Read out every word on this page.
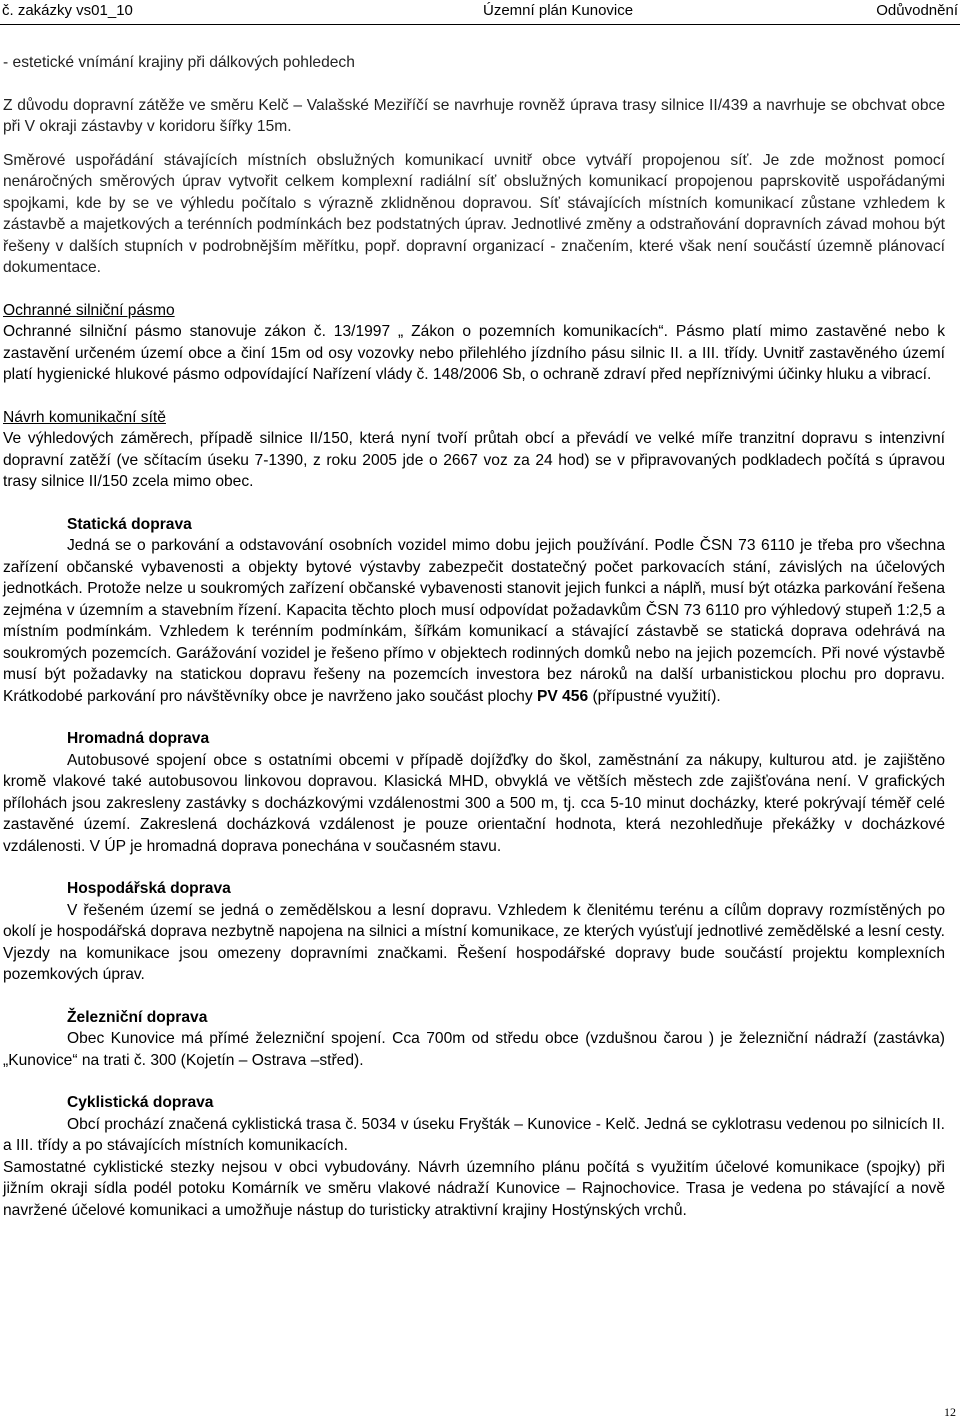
č. zakázky vs01_10	Územní plán Kunovice	Odůvodnění

- estetické vnímání krajiny při dálkových pohledech

Z důvodu dopravní zátěže ve směru Kelč – Valašské Meziříčí se navrhuje rovněž úprava trasy silnice II/439 a navrhuje se obchvat obce při V okraji zástavby v koridoru šířky 15m.

Směrové uspořádání stávajících místních obslužných komunikací uvnitř obce vytváří propojenou síť. Je zde možnost pomocí nenáročných směrových úprav vytvořit celkem komplexní radiální síť obslužných komunikací propojenou paprskovitě uspořádanými spojkami, kde by se ve výhledu počítalo s výrazně zklidněnou dopravou. Síť stávajících místních komunikací zůstane vzhledem k zástavbě a majetkových a terénních podmínkách bez podstatných úprav. Jednotlivé změny a odstraňování dopravních závad mohou být řešeny v dalších stupních v podrobnějším měřítku, popř. dopravní organizací - značením, které však není součástí územně plánovací dokumentace.

Ochranné silniční pásmo

Ochranné silniční pásmo stanovuje zákon č. 13/1997 „ Zákon o pozemních komunikacích“. Pásmo platí mimo zastavěné nebo k zastavění určeném území obce a činí 15m od osy vozovky nebo přilehlého jízdního pásu silnic II. a III. třídy. Uvnitř zastavěného území platí hygienické hlukové pásmo odpovídající Nařízení vlády č. 148/2006 Sb, o ochraně zdraví před nepříznivými účinky hluku a vibrací.

Návrh komunikační sítě

Ve výhledových záměrech, případě silnice II/150, která nyní tvoří průtah obcí a převádí ve velké míře tranzitní dopravu s intenzivní dopravní zatěží (ve sčítacím úseku 7-1390, z roku 2005 jde o 2667 voz za 24 hod) se v připravovaných podkladech počítá s úpravou trasy silnice II/150 zcela mimo obec.

Statická doprava

Jedná se o parkování a odstavování osobních vozidel mimo dobu jejich používání. Podle ČSN 73 6110 je třeba pro všechna zařízení občanské vybavenosti a objekty bytové výstavby zabezpečit dostatečný počet parkovacích stání, závislých na účelových jednotkách. Protože nelze u soukromých zařízení občanské vybavenosti stanovit jejich funkci a náplň, musí být otázka parkování řešena zejména v územním a stavebním řízení. Kapacita těchto ploch musí odpovídat požadavkům ČSN 73 6110 pro výhledový stupeň 1:2,5 a místním podmínkám. Vzhledem k terénním podmínkám, šířkám komunikací a stávající zástavbě se statická doprava odehrává na soukromých pozemcích. Garážování vozidel je řešeno přímo v objektech rodinných domků nebo na jejich pozemcích. Při nové výstavbě musí být požadavky na statickou dopravu řešeny na pozemcích investora bez nároků na další urbanistickou plochu pro dopravu. Krátkodobé parkování pro návštěvníky obce je navrženo jako součást plochy PV 456 (přípustné využití).

Hromadná doprava

Autobusové spojení obce s ostatními obcemi v případě dojížďky do škol, zaměstnání za nákupy, kulturou atd. je zajištěno kromě vlakové také autobusovou linkovou dopravou. Klasická MHD, obvyklá ve větších městech zde zajišťována není. V grafických přílohách jsou zakresleny zastávky s docházkovými vzdálenostmi 300 a 500 m, tj. cca 5-10 minut docházky, které pokrývají téměř celé zastavěné území. Zakreslená docházková vzdálenost je pouze orientační hodnota, která nezohledňuje překážky v docházkové vzdálenosti. V ÚP je hromadná doprava ponechána v současném stavu.

Hospodářská doprava

V řešeném území se jedná o zemědělskou a lesní dopravu. Vzhledem k členitému terénu a cílům dopravy rozmístěných po okolí je hospodářská doprava nezbytně napojena na silnici a místní komunikace, ze kterých vyúsťují jednotlivé zemědělské a lesní cesty. Vjezdy na komunikace jsou omezeny dopravními značkami. Řešení hospodářské dopravy bude součástí projektu komplexních pozemkových úprav.

Železniční doprava

Obec Kunovice má přímé železniční spojení. Cca 700m od středu obce (vzdušnou čarou ) je železniční nádraží (zastávka) „Kunovice“ na trati č. 300 (Kojetín – Ostrava –střed).

Cyklistická doprava

Obcí prochází značená cyklistická trasa č. 5034 v úseku Fryšták – Kunovice - Kelč. Jedná se cyklotrasu vedenou po silnicích II. a III. třídy a po stávajících místních komunikacích.

Samostatné cyklistické stezky nejsou v obci vybudovány. Návrh územního plánu počítá s využitím účelové komunikace (spojky) při jižním okraji sídla podél potoku Komárník ve směru vlakové nádraží Kunovice – Rajnochovice. Trasa je vedena po stávající a nově navržené účelové komunikaci a umožňuje nástup do turisticky atraktivní krajiny Hostýnských vrchů.

12
